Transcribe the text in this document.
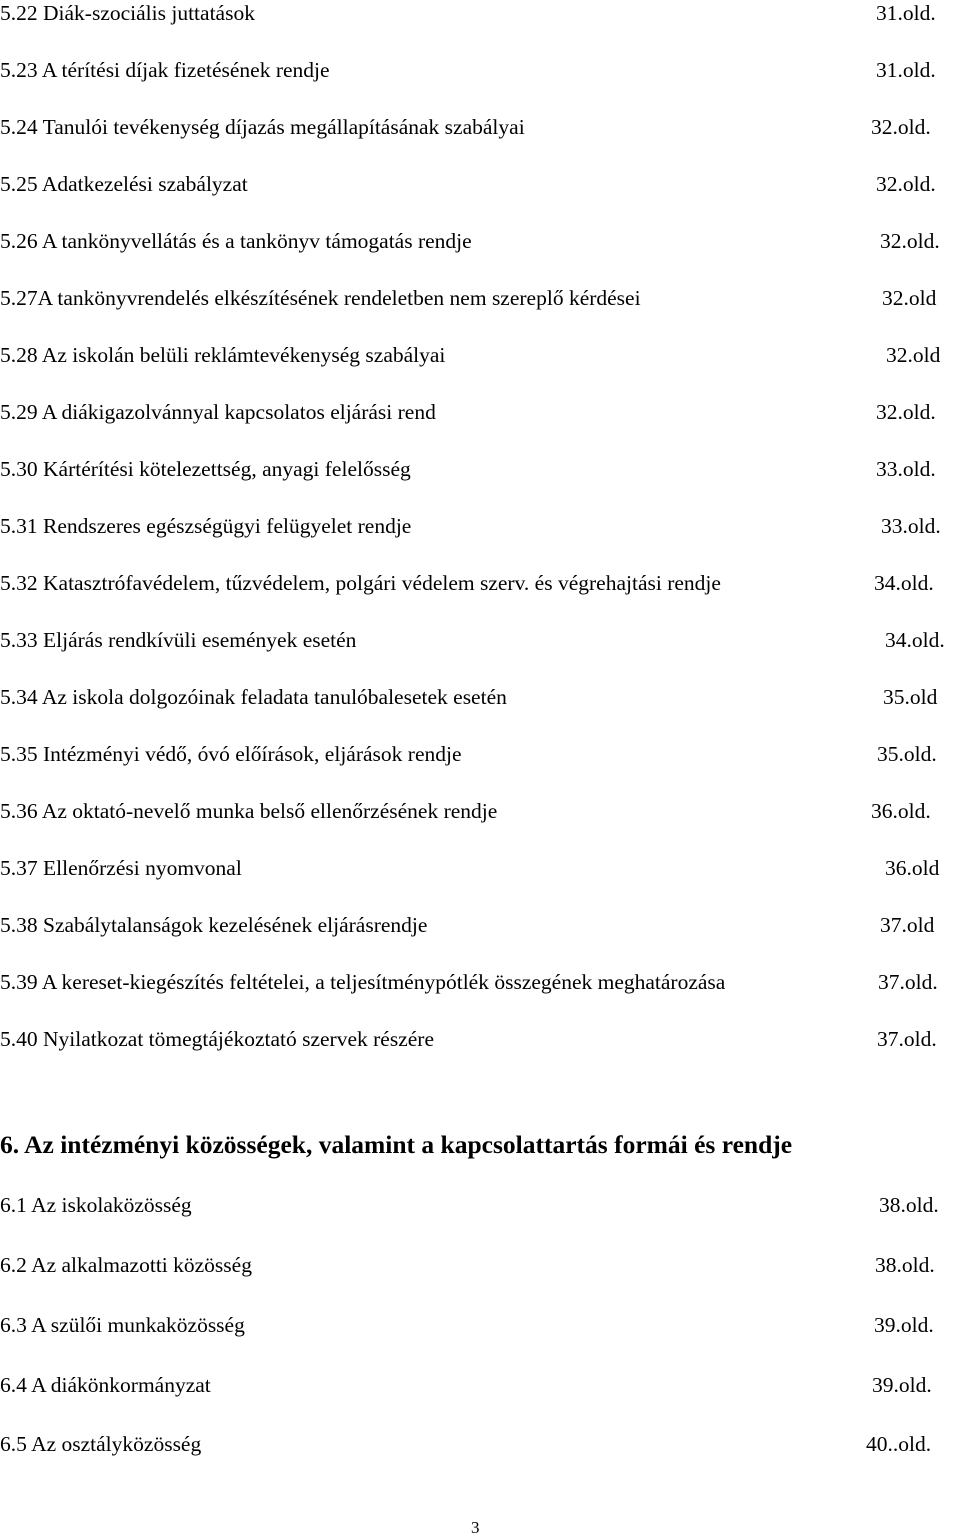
5.22 Diák-szociális juttatások	31.old.
5.23 A térítési díjak fizetésének rendje	31.old.
5.24 Tanulói tevékenység díjazás megállapításának szabályai	32.old.
5.25 Adatkezelési szabályzat	32.old.
5.26 A tankönyvellátás és a tankönyv támogatás rendje	32.old.
5.27A tankönyvrendelés elkészítésének rendeletben nem szereplő kérdései	32.old
5.28 Az iskolán belüli reklámtevékenység szabályai	32.old
5.29 A diákigazolvánnyal kapcsolatos eljárási rend	32.old.
5.30 Kártérítési kötelezettség, anyagi felelősség	33.old.
5.31 Rendszeres egészségügyi felügyelet rendje	33.old.
5.32 Katasztrófavédelem, tűzvédelem, polgári védelem szerv. és végrehajtási rendje	34.old.
5.33 Eljárás rendkívüli események esetén	34.old.
5.34 Az iskola dolgozóinak feladata tanulóbalesetek esetén	35.old
5.35 Intézményi védő, óvó előírások, eljárások rendje	35.old.
5.36 Az oktató-nevelő munka belső ellenőrzésének rendje	36.old.
5.37 Ellenőrzési nyomvonal	36.old
5.38 Szabálytalanságok kezelésének eljárásrendje	37.old
5.39 A kereset-kiegészítés feltételei, a teljesítménypótlék összegének meghatározása	37.old.
5.40 Nyilatkozat tömegtájékoztató szervek részére	37.old.
6. Az intézményi közösségek, valamint a kapcsolattartás formái és rendje
6.1 Az iskolaközösség	38.old.
6.2 Az alkalmazotti közösség	38.old.
6.3 A szülői munkaközösség	39.old.
6.4 A diákönkormányzat	39.old.
6.5 Az osztályközösség	40..old.
3
